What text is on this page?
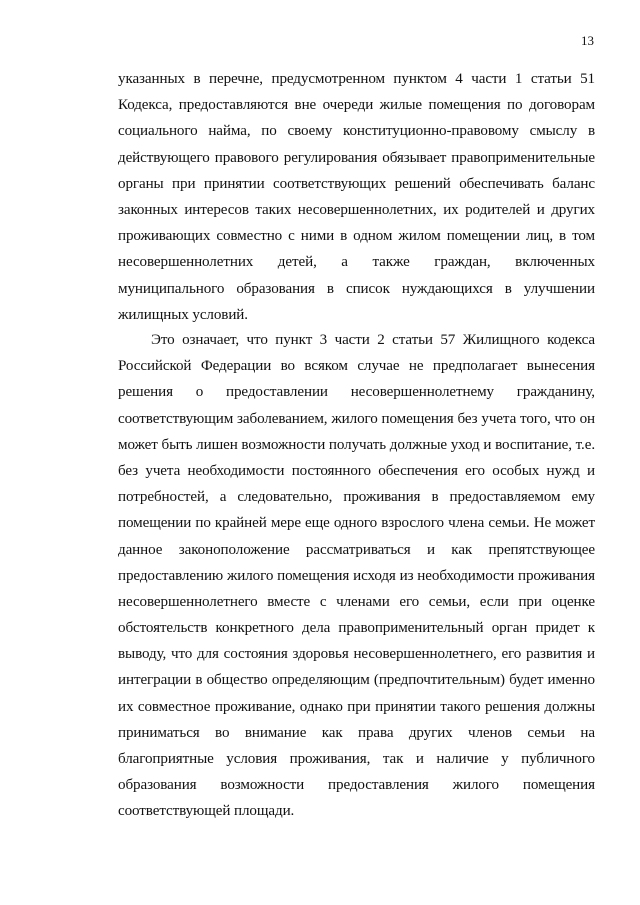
13
указанных в перечне, предусмотренном пунктом 4 части 1 статьи 51
Кодекса, предоставляются вне очереди жилые помещения по договорам
социального найма, по своему конституционно-правовому смыслу в
действующего правового регулирования обязывает правоприменительные
органы при принятии соответствующих решений обеспечивать баланс
законных интересов таких несовершеннолетних, их родителей и других
проживающих совместно с ними в одном жилом помещении лиц, в том
несовершеннолетних детей, а также граждан, включенных
муниципального образования в список нуждающихся в улучшении
жилищных условий.
Это означает, что пункт 3 части 2 статьи 57 Жилищного кодекса
Российской Федерации во всяком случае не предполагает вынесения
решения о предоставлении несовершеннолетнему гражданину,
соответствующим заболеванием, жилого помещения без учета того, что он
может быть лишен возможности получать должные уход и воспитание, т.е.
без учета необходимости постоянного обеспечения его особых нужд и
потребностей, а следовательно, проживания в предоставляемом ему
помещении по крайней мере еще одного взрослого члена семьи. Не может
данное законоположение рассматриваться и как препятствующее
предоставлению жилого помещения исходя из необходимости проживания
несовершеннолетнего вместе с членами его семьи, если при оценке
обстоятельств конкретного дела правоприменительный орган придет к
выводу, что для состояния здоровья несовершеннолетнего, его развития и
интеграции в общество определяющим (предпочтительным) будет именно
их совместное проживание, однако при принятии такого решения должны
приниматься во внимание как права других членов семьи на
благоприятные условия проживания, так и наличие у публичного
образования возможности предоставления жилого помещения
соответствующей площади.
